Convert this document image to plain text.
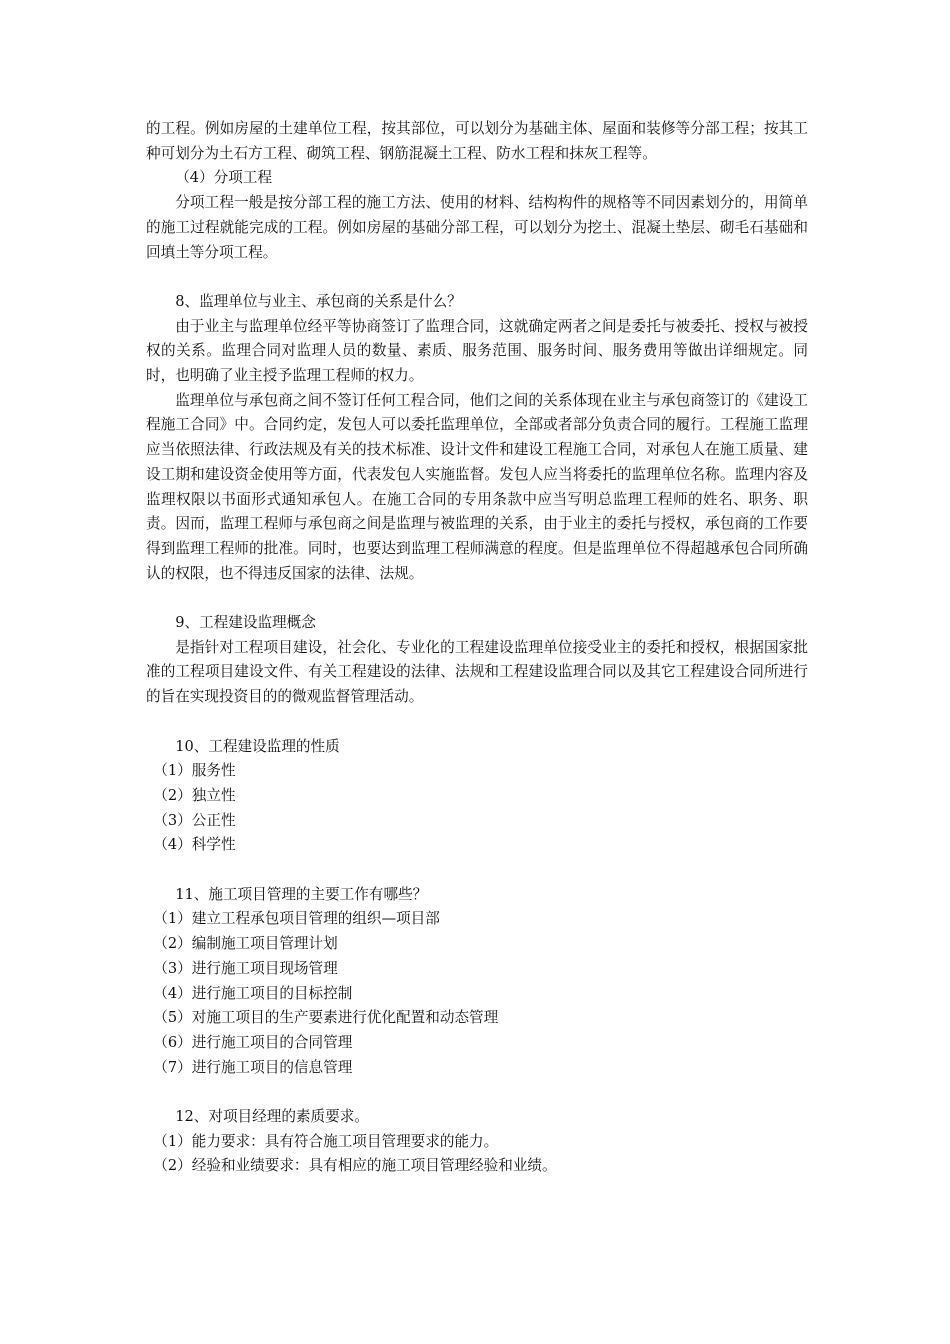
的工程。例如房屋的土建单位工程，按其部位，可以划分为基础主体、屋面和装修等分部工程；按其工种可划分为土石方工程、砌筑工程、钢筋混凝土工程、防水工程和抹灰工程等。

（4）分项工程

分项工程一般是按分部工程的施工方法、使用的材料、结构构件的规格等不同因素划分的，用简单的施工过程就能完成的工程。例如房屋的基础分部工程，可以划分为挖土、混凝土垫层、砌毛石基础和回填土等分项工程。

8、监理单位与业主、承包商的关系是什么？

由于业主与监理单位经平等协商签订了监理合同，这就确定两者之间是委托与被委托、授权与被授权的关系。监理合同对监理人员的数量、素质、服务范围、服务时间、服务费用等做出详细规定。同时，也明确了业主授予监理工程师的权力。

监理单位与承包商之间不签订任何工程合同，他们之间的关系体现在业主与承包商签订的《建设工程施工合同》中。合同约定，发包人可以委托监理单位，全部或者部分负责合同的履行。工程施工监理应当依照法律、行政法规及有关的技术标准、设计文件和建设工程施工合同，对承包人在施工质量、建设工期和建设资金使用等方面，代表发包人实施监督。发包人应当将委托的监理单位名称。监理内容及监理权限以书面形式通知承包人。在施工合同的专用条款中应当写明总监理工程师的姓名、职务、职责。因而，监理工程师与承包商之间是监理与被监理的关系，由于业主的委托与授权，承包商的工作要得到监理工程师的批准。同时，也要达到监理工程师满意的程度。但是监理单位不得超越承包合同所确认的权限，也不得违反国家的法律、法规。

9、工程建设监理概念

是指针对工程项目建设，社会化、专业化的工程建设监理单位接受业主的委托和授权，根据国家批准的工程项目建设文件、有关工程建设的法律、法规和工程建设监理合同以及其它工程建设合同所进行的旨在实现投资目的的微观监督管理活动。

10、工程建设监理的性质

（1）服务性

（2）独立性

（3）公正性

（4）科学性

11、施工项目管理的主要工作有哪些？

（1）建立工程承包项目管理的组织—项目部

（2）编制施工项目管理计划

（3）进行施工项目现场管理

（4）进行施工项目的目标控制

（5）对施工项目的生产要素进行优化配置和动态管理

（6）进行施工项目的合同管理

（7）进行施工项目的信息管理

12、对项目经理的素质要求。

（1）能力要求：具有符合施工项目管理要求的能力。

（2）经验和业绩要求：具有相应的施工项目管理经验和业绩。
